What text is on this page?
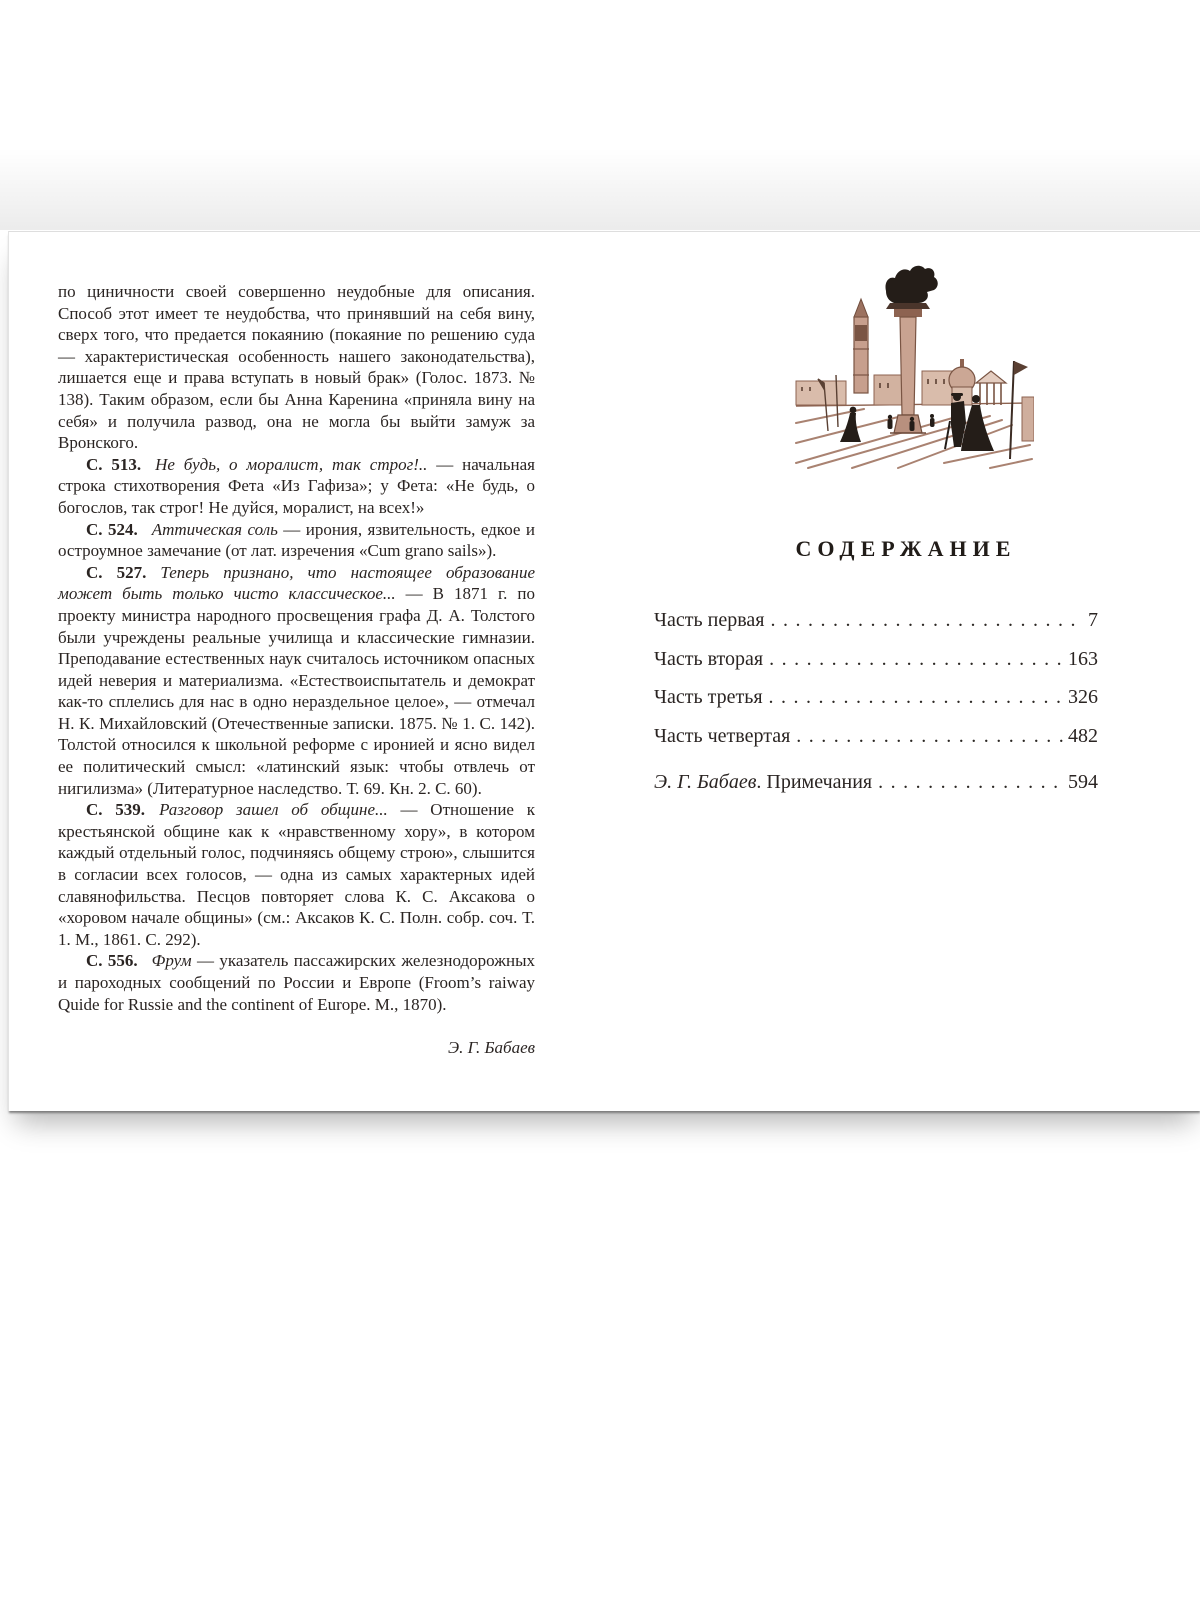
по циничности своей совершенно неудобные для описания. Способ этот имеет те неудобства, что принявший на себя вину, сверх того, что предается покаянию (покаяние по решению суда — характеристическая особенность нашего законодательства), лишается еще и права вступать в новый брак» (Голос. 1873. № 138). Таким образом, если бы Анна Каренина «приняла вину на себя» и получила развод, она не могла бы выйти замуж за Вронского.

С. 513. Не будь, о моралист, так строг!.. — начальная строка стихотворения Фета «Из Гафиза»; у Фета: «Не будь, о богослов, так строг! Не дуйся, моралист, на всех!»

С. 524. Аттическая соль — ирония, язвительность, едкое и остроумное замечание (от лат. изречения «Cum grano sails»).

С. 527. Теперь признано, что настоящее образование может быть только чисто классическое... — В 1871 г. по проекту министра народного просвещения графа Д. А. Толстого были учреждены реальные училища и классические гимназии. Преподавание естественных наук считалось источником опасных идей неверия и материализма. «Естествоиспытатель и демократ как-то сплелись для нас в одно нераздельное целое», — отмечал Н. К. Михайловский (Отечественные записки. 1875. № 1. С. 142). Толстой относился к школьной реформе с иронией и ясно видел ее политический смысл: «латинский язык: чтобы отвлечь от нигилизма» (Литературное наследство. Т. 69. Кн. 2. С. 60).

С. 539. Разговор зашел об общине... — Отношение к крестьянской общине как к «нравственному хору», в котором каждый отдельный голос, подчиняясь общему строю», слышится в согласии всех голосов, — одна из самых характерных идей славянофильства. Песцов повторяет слова К. С. Аксакова о «хоровом начале общины» (см.: Аксаков К. С. Полн. собр. соч. Т. 1. М., 1861. С. 292).

С. 556. Фрум — указатель пассажирских железнодорожных и пароходных сообщений по России и Европе (Froom’s raiway Quide for Russie and the continent of Europe. М., 1870).

Э. Г. Бабаев
СОДЕРЖАНИЕ
Часть первая .....	7
Часть вторая .....	163
Часть третья .....	326
Часть четвертая .....	482
Э. Г. Бабаев. Примечания .....	594
